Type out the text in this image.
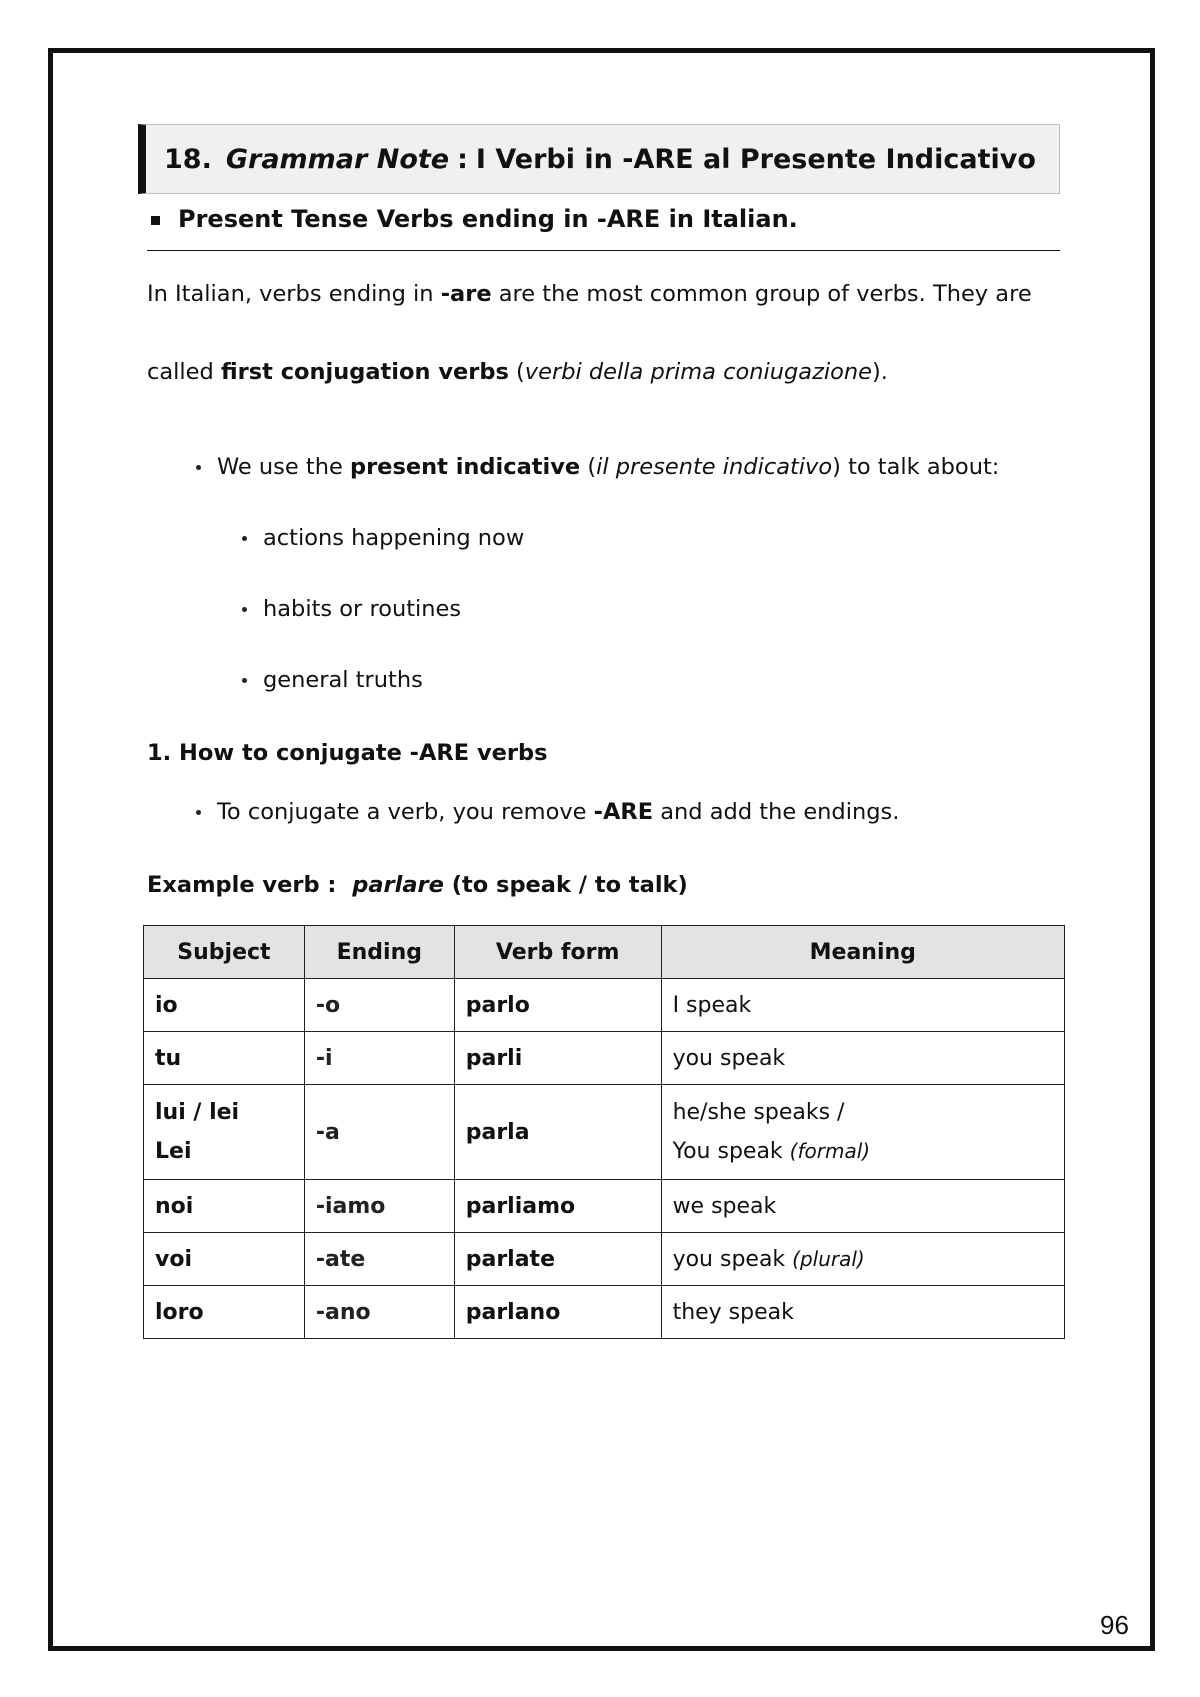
18. Grammar Note : I Verbi in -ARE al Presente Indicativo
Present Tense Verbs ending in -ARE in Italian.
In Italian, verbs ending in -are are the most common group of verbs. They are
called first conjugation verbs (verbi della prima coniugazione).
We use the present indicative (il presente indicativo) to talk about:
actions happening now
habits or routines
general truths
1. How to conjugate -ARE verbs
To conjugate a verb, you remove -ARE and add the endings.
Example verb : parlare (to speak / to talk)
Subject	Ending	Verb form	Meaning
io	-o	parlo	I speak
tu	-i	parli	you speak
lui / lei
Lei	-a	parla	he/she speaks /
You speak (formal)

noi	-iamo	parliamo	we speak
voi	-ate	parlate	you speak (plural)
loro	-ano	parlano	they speak
96
